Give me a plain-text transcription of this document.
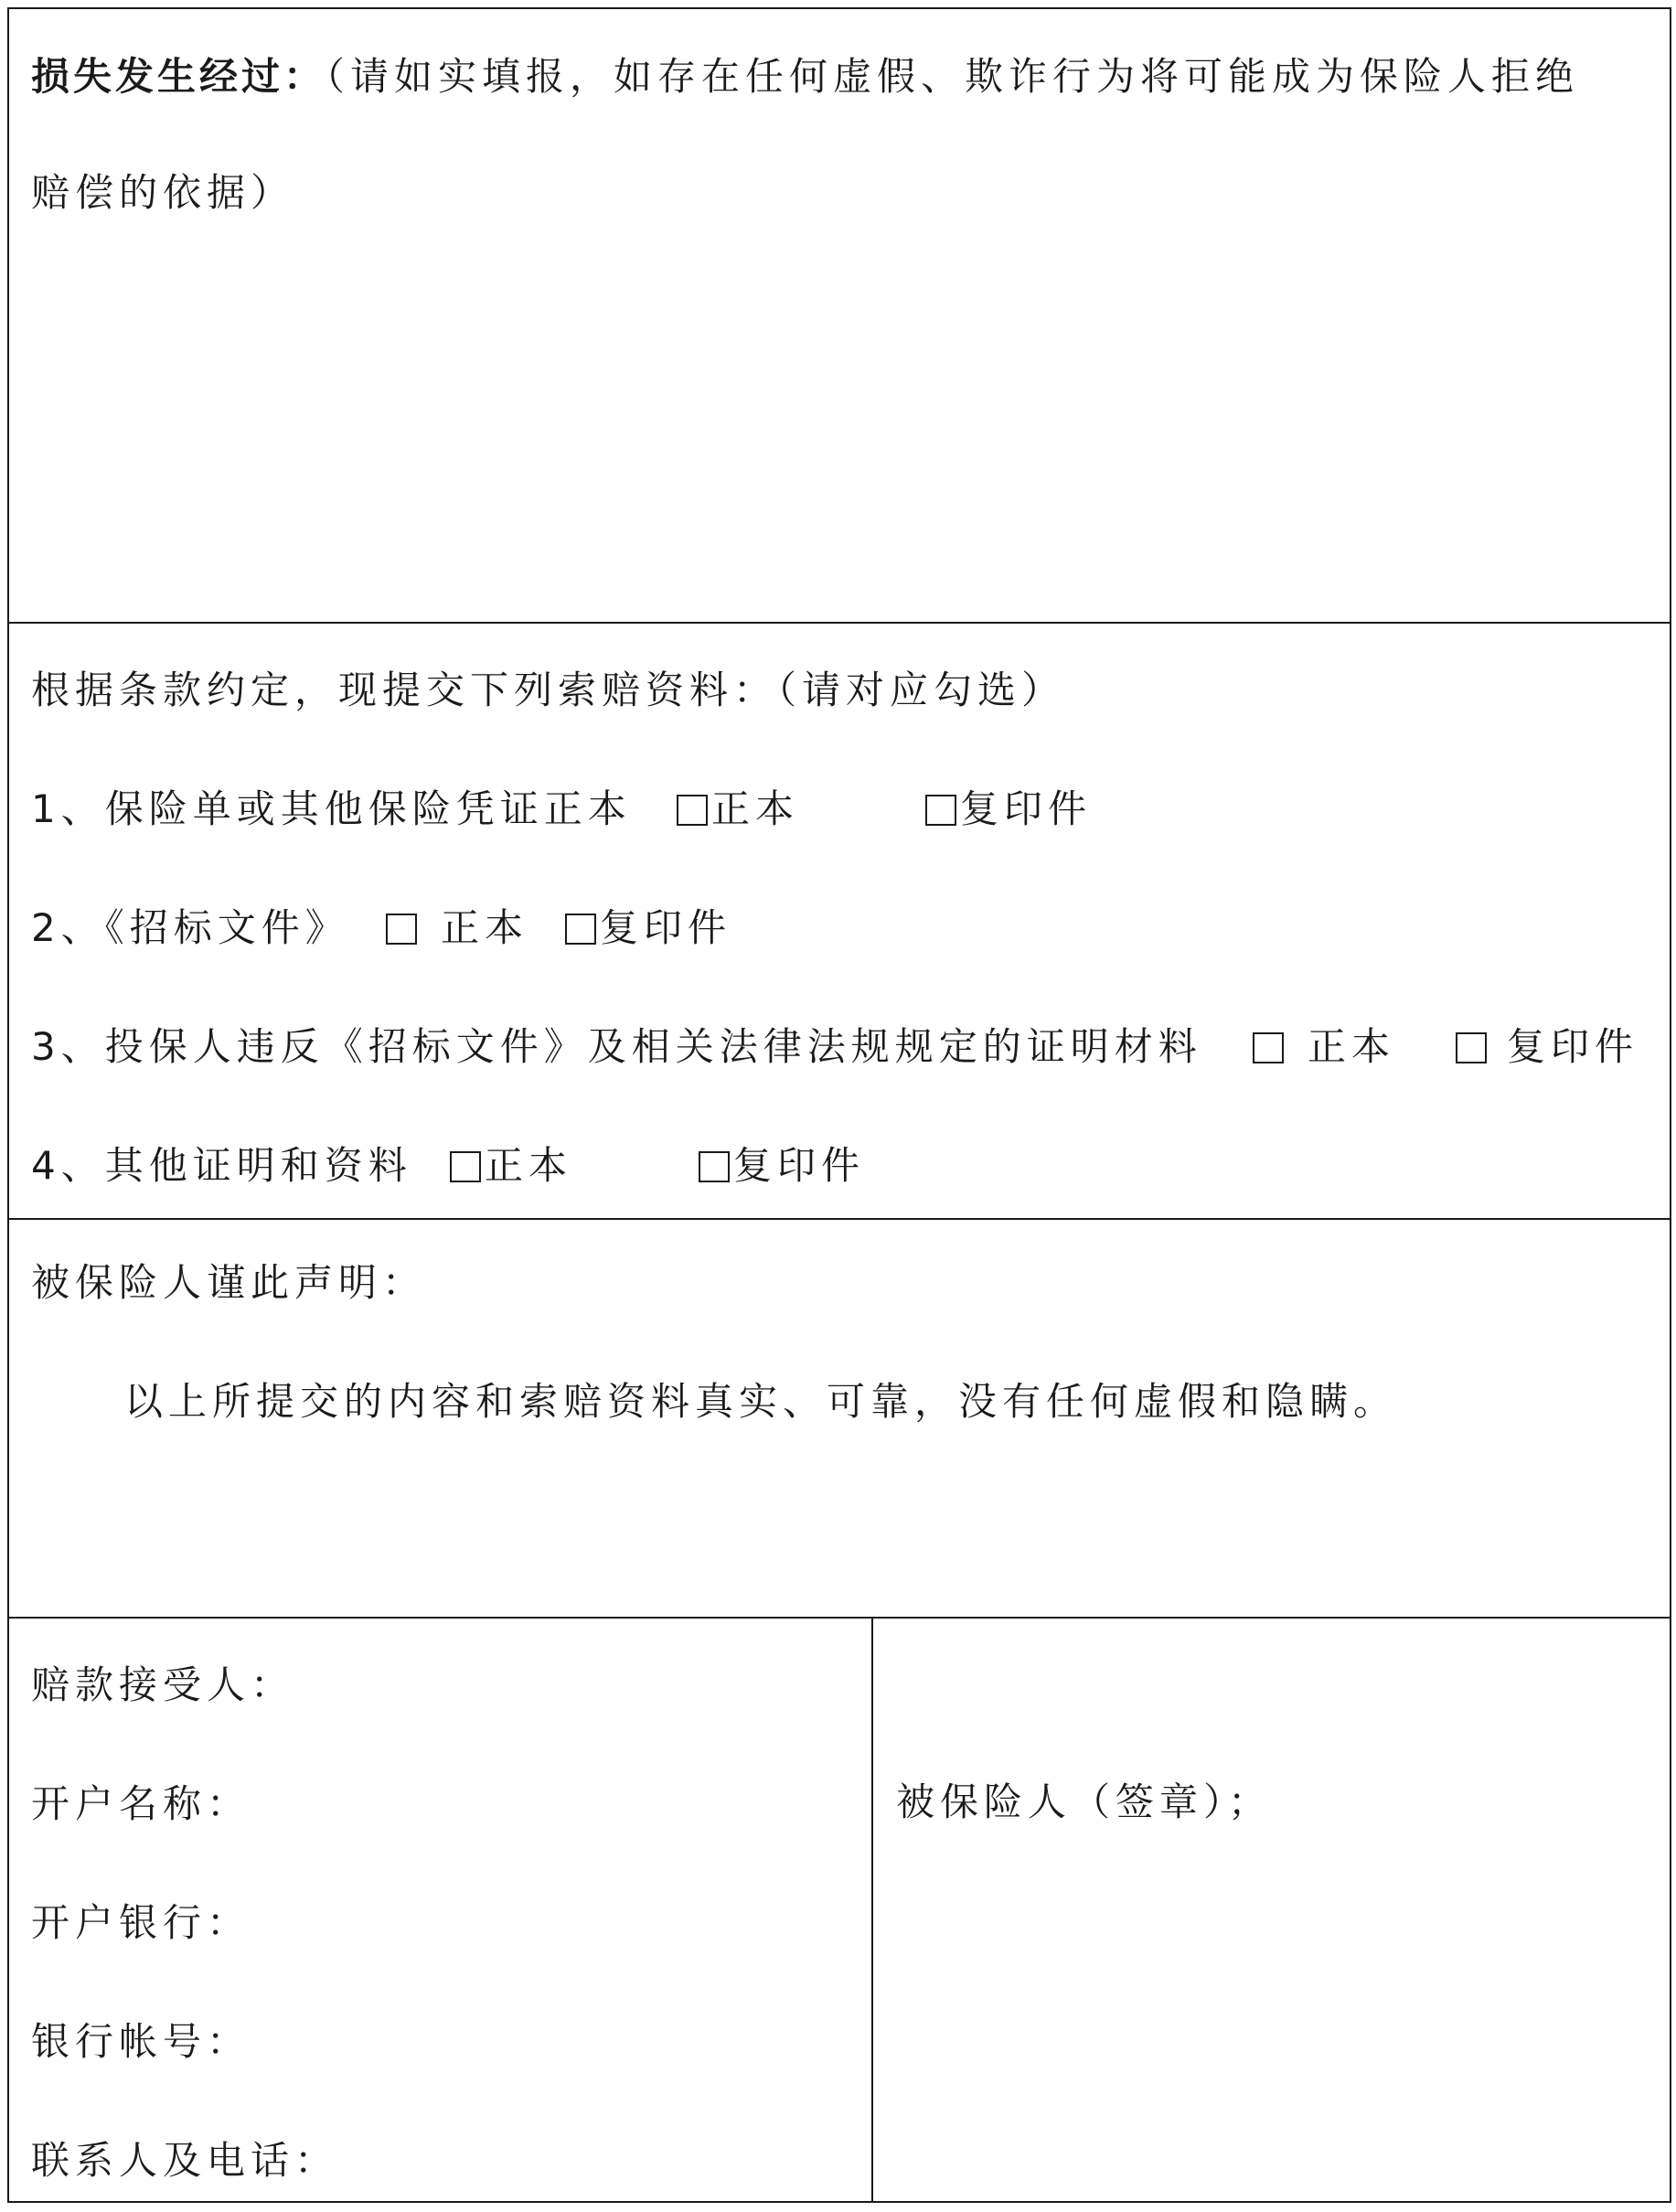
损失发生经过：（请如实填报，如存在任何虚假、欺诈行为将可能成为保险人拒绝
赔偿的依据）
根据条款约定，现提交下列索赔资料：（请对应勾选）
1、保险单或其他保险凭证正本	正本	复印件
2、《招标文件》	正本	复印件
3、投保人违反《招标文件》及相关法律法规规定的证明材料	正本	复印件
4、其他证明和资料	正本	复印件
被保险人谨此声明：
以上所提交的内容和索赔资料真实、可靠，没有任何虚假和隐瞒。
赔款接受人：
开户名称：
开户银行：
银行帐号：
联系人及电话：
被保险人（签章）；
